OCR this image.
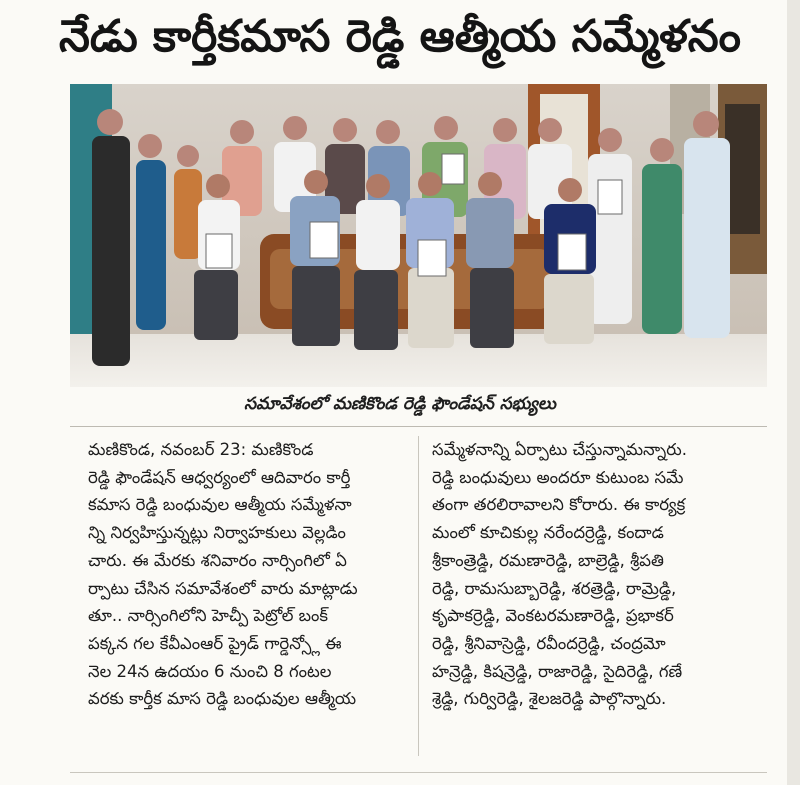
నేడు కార్తీకమాస రెడ్డి ఆత్మీయ సమ్మేళనం
సమావేశంలో మణికొండ రెడ్డి ఫౌండేషన్ సభ్యులు
మణికొండ, నవంబర్ 23: మణికొండ
రెడ్డి ఫౌండేషన్ ఆధ్వర్యంలో ఆదివారం కార్తీ
కమాస రెడ్డి బంధువుల ఆత్మీయ సమ్మేళనా
న్ని నిర్వహిస్తున్నట్లు నిర్వాహకులు వెల్లడిం
చారు. ఈ మేరకు శనివారం నార్సింగిలో ఏ
ర్పాటు చేసిన సమావేశంలో వారు మాట్లాడు
తూ.. నార్సింగిలోని హెచ్పీ పెట్రోల్ బంక్
పక్కన గల కేవీఎంఆర్ ప్రైడ్ గార్డెన్స్లో ఈ
నెల 24న ఉదయం 6 నుంచి 8 గంటల
వరకు కార్తీక మాస రెడ్డి బంధువుల ఆత్మీయ
సమ్మేళనాన్ని ఏర్పాటు చేస్తున్నామన్నారు.
రెడ్డి బంధువులు అందరూ కుటుంబ సమే
తంగా తరలిరావాలని కోరారు. ఈ కార్యక్ర
మంలో కూచికుల్ల నరేందర్రెడ్డి, కందాడ
శ్రీకాంత్రెడ్డి, రమణారెడ్డి, బాల్రెడ్డి, శ్రీపతి
రెడ్డి, రామసుబ్బారెడ్డి, శరత్రెడ్డి, రామ్రెడ్డి,
కృపాకర్రెడ్డి, వెంకటరమణారెడ్డి, ప్రభాకర్
రెడ్డి, శ్రీనివాస్రెడ్డి, రవీందర్రెడ్డి, చంద్రమో
హన్రెడ్డి, కిషన్రెడ్డి, రాజారెడ్డి, సైదిరెడ్డి, గణే
శ్రెడ్డి, గుర్విరెడ్డి, శైలజరెడ్డి పాల్గొన్నారు.
